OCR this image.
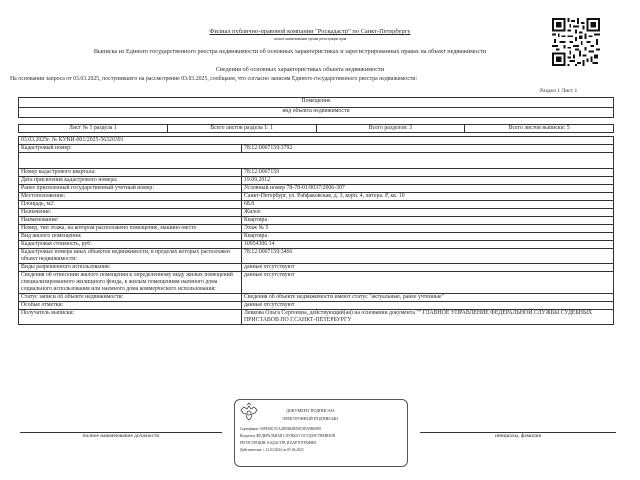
Филиал публично-правовой компании "Роскадастр" по Санкт-Петербургу
полное наименование органа регистрации прав
Выписка из Единого государственного реестра недвижимости об основных характеристиках и зарегистрированных правах на объект недвижимости
Сведения об основных характеристиках объекта недвижимости
На основании запроса от 03.03.2025, поступившего на рассмотрение 03.03.2025, сообщаем, что согласно записям Единого государственного реестра недвижимости:
Раздел 1 Лист 1
Помещение
вид объекта недвижимости
Лист № 1 раздела 1	Всего листов раздела 1: 1	Всего разделов: 3	Всего листов выписки: 5
03.03.2025г. № КУВИ-001/2025-56320391
Кадастровый номер:	78:12:0007159:3792

Номер кадастрового квартала:	78:12:0007159
Дата присвоения кадастрового номера:	19.09.2012
Ранее присвоенный государственный учетный номер:	Условный номер 78-78-01/0037/2006-307
Местоположение:	Санкт-Петербург, ул. Рабфаковская, д. 3, корп. 4, литера. Р, кв. 10
Площадь, м2:	68.8
Назначение:	Жилое
Наименование:	Квартира
Номер, тип этажа, на котором расположено помещение, машино-место	Этаж № 5
Вид жилого помещения:	Квартира
Кадастровая стоимость, руб:	10954306.14
Кадастровые номера иных объектов недвижимости, в пределах которых расположен объект недвижимости:	78:12:0007159:3466
Виды разрешенного использования:	данные отсутствуют
Сведения об отнесении жилого помещения к определенному виду жилых помещений специализированного жилищного фонда, к жилым помещениям наемного дома социального использования или наемного дома коммерческого использования:	данные отсутствуют
Статус записи об объекте недвижимости:	Сведения об объекте недвижимости имеют статус "актуальные, ранее учтенные"
Особые отметки:	данные отсутствуют
Получатель выписки:	Левкова Ольга Сергеевна, действующий(ая) на основании документа "" ГЛАВНОЕ УПРАВЛЕНИЕ ФЕДЕРАЛЬНОЙ СЛУЖБЫ СУДЕБНЫХ ПРИСТАВОВ ПО Г.САНКТ-ПЕТЕРБУРГУ
ДОКУМЕНТ ПОДПИСАН
ЭЛЕКТРОННОЙ ПОДПИСЬЮ
Сертификат: 00FE68C5CA2DD682B5BC9DA9B60E8
Владелец: ФЕДЕРАЛЬНАЯ СЛУЖБА ГОСУДАРСТВЕННОЙ
РЕГИСТРАЦИИ, КАДАСТРА И КАРТОГРАФИИ
Действителен: с 12.03.2024 по 05.06.2025
полное наименование должности	инициалы, фамилия
